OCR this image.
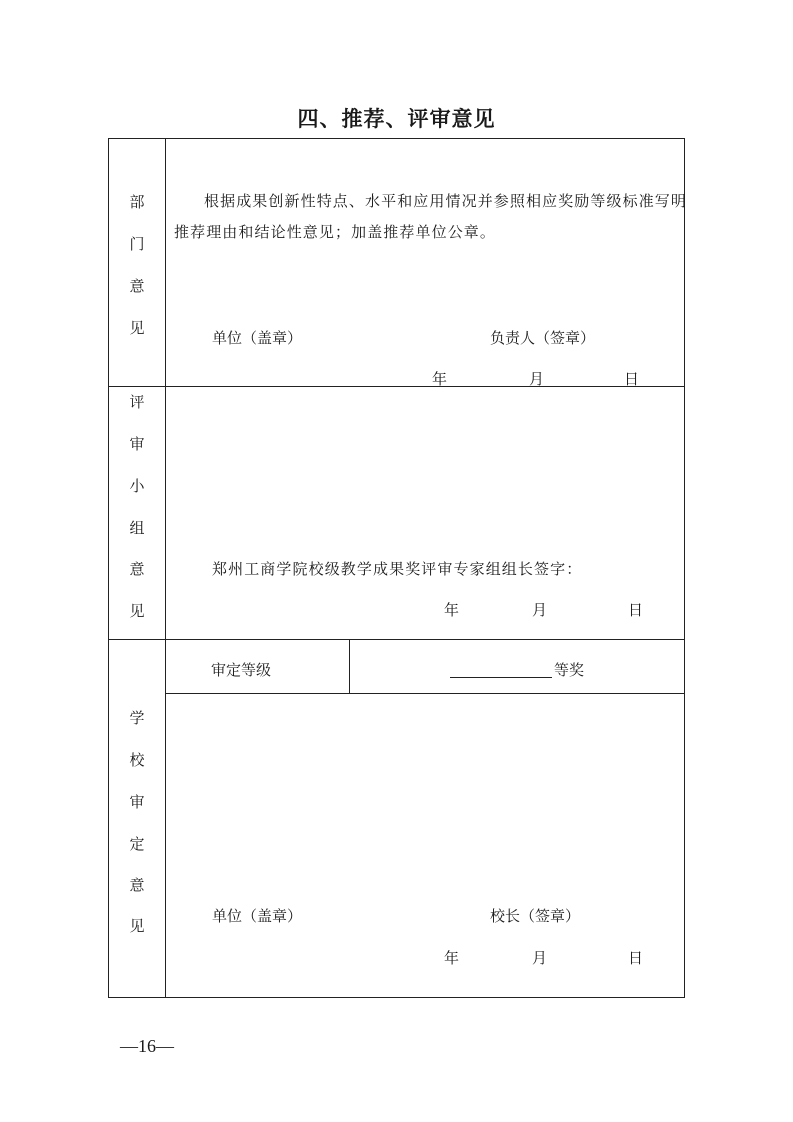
四、推荐、评审意见
部
门
意
见
根据成果创新性特点、水平和应用情况并参照相应奖励等级标准写明
推荐理由和结论性意见；加盖推荐单位公章。
单位（盖章）	负责人（签章）
年	月	日
评
审
小
组
意
见
郑州工商学院校级教学成果奖评审专家组组长签字：
年	月	日
学
校
审
定
意
见
审定等级	等奖
单位（盖章）	校长（签章）
年	月	日
—16—
